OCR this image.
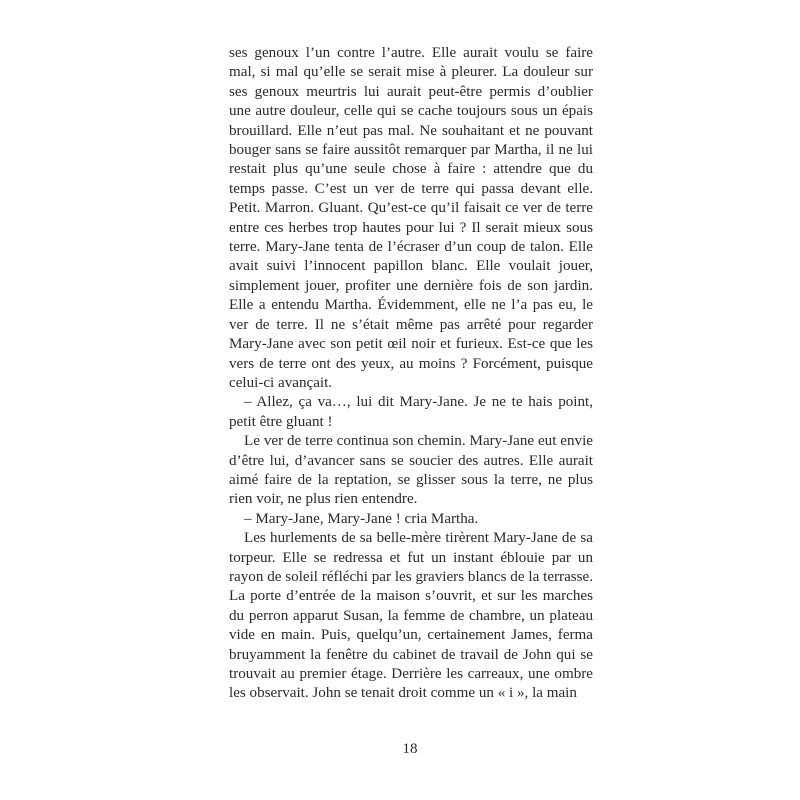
ses genoux l’un contre l’autre. Elle aurait voulu se faire mal, si mal qu’elle se serait mise à pleurer. La douleur sur ses genoux meurtris lui aurait peut-être permis d’oublier une autre douleur, celle qui se cache toujours sous un épais brouillard. Elle n’eut pas mal. Ne souhaitant et ne pouvant bouger sans se faire aussitôt remarquer par Martha, il ne lui restait plus qu’une seule chose à faire : attendre que du temps passe. C’est un ver de terre qui passa devant elle. Petit. Marron. Gluant. Qu’est-ce qu’il faisait ce ver de terre entre ces herbes trop hautes pour lui ? Il serait mieux sous terre. Mary-Jane tenta de l’écraser d’un coup de talon. Elle avait suivi l’innocent papillon blanc. Elle voulait jouer, simplement jouer, profiter une dernière fois de son jardin. Elle a entendu Martha. Évidemment, elle ne l’a pas eu, le ver de terre. Il ne s’était même pas arrêté pour regarder Mary-Jane avec son petit œil noir et furieux. Est-ce que les vers de terre ont des yeux, au moins ? Forcément, puisque celui-ci avançait.

– Allez, ça va…, lui dit Mary-Jane. Je ne te hais point, petit être gluant !

Le ver de terre continua son chemin. Mary-Jane eut envie d’être lui, d’avancer sans se soucier des autres. Elle aurait aimé faire de la reptation, se glisser sous la terre, ne plus rien voir, ne plus rien entendre.

– Mary-Jane, Mary-Jane ! cria Martha.

Les hurlements de sa belle-mère tirèrent Mary-Jane de sa torpeur. Elle se redressa et fut un instant éblouie par un rayon de soleil réfléchi par les graviers blancs de la terrasse. La porte d’entrée de la maison s’ouvrit, et sur les marches du perron apparut Susan, la femme de chambre, un plateau vide en main. Puis, quelqu’un, certainement James, ferma bruyamment la fenêtre du cabinet de travail de John qui se trouvait au premier étage. Derrière les carreaux, une ombre les observait. John se tenait droit comme un « i », la main

18
